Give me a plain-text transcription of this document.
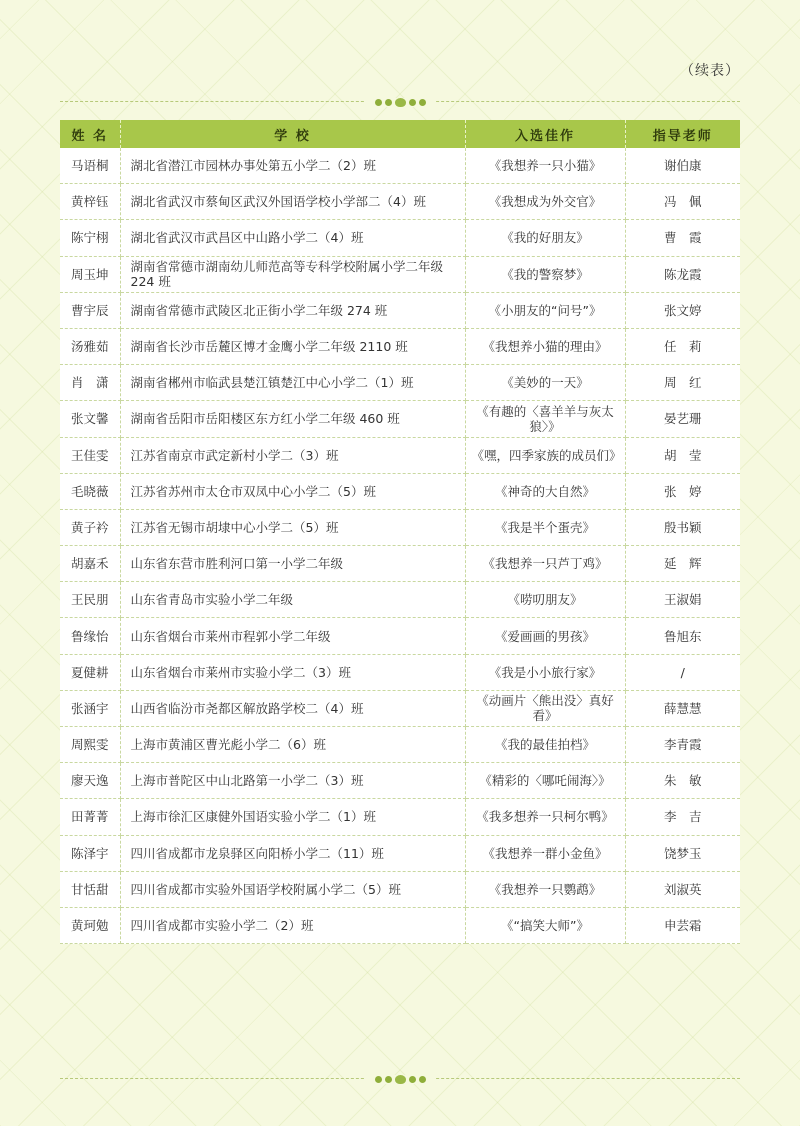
（续表）
姓 名	学 校	入选佳作	指导老师
马语桐	湖北省潜江市园林办事处第五小学二（2）班	《我想养一只小猫》	谢伯康
黄梓钰	湖北省武汉市蔡甸区武汉外国语学校小学部二（4）班	《我想成为外交官》	冯　佩
陈宁栩	湖北省武汉市武昌区中山路小学二（4）班	《我的好朋友》	曹　霞
周玉坤	湖南省常德市湖南幼儿师范高等专科学校附属小学二年级 224 班	《我的警察梦》	陈龙霞
曹宇辰	湖南省常德市武陵区北正街小学二年级 274 班	《小朋友的“问号”》	张文婷
汤雅茹	湖南省长沙市岳麓区博才金鹰小学二年级 2110 班	《我想养小猫的理由》	任　莉
肖　潇	湖南省郴州市临武县楚江镇楚江中心小学二（1）班	《美妙的一天》	周　红
张文馨	湖南省岳阳市岳阳楼区东方红小学二年级 460 班	《有趣的〈喜羊羊与灰太狼〉》	晏艺珊
王佳雯	江苏省南京市武定新村小学二（3）班	《嘿，四季家族的成员们》	胡　莹
毛晓薇	江苏省苏州市太仓市双凤中心小学二（5）班	《神奇的大自然》	张　婷
黄子衿	江苏省无锡市胡埭中心小学二（5）班	《我是半个蛋壳》	殷书颖
胡嘉禾	山东省东营市胜利河口第一小学二年级	《我想养一只芦丁鸡》	延　辉
王民朋	山东省青岛市实验小学二年级	《唠叨朋友》	王淑娟
鲁缘怡	山东省烟台市莱州市程郭小学二年级	《爱画画的男孩》	鲁旭东
夏健耕	山东省烟台市莱州市实验小学二（3）班	《我是小小旅行家》	/
张涵宇	山西省临汾市尧都区解放路学校二（4）班	《动画片〈熊出没〉真好看》	薛慧慧
周熙雯	上海市黄浦区曹光彪小学二（6）班	《我的最佳拍档》	李青霞
廖天逸	上海市普陀区中山北路第一小学二（3）班	《精彩的〈哪吒闹海〉》	朱　敏
田菁菁	上海市徐汇区康健外国语实验小学二（1）班	《我多想养一只柯尔鸭》	李　吉
陈泽宇	四川省成都市龙泉驿区向阳桥小学二（11）班	《我想养一群小金鱼》	饶梦玉
甘恬甜	四川省成都市实验外国语学校附属小学二（5）班	《我想养一只鹦鹉》	刘淑英
黄珂勉	四川省成都市实验小学二（2）班	《“搞笑大师”》	申芸霜
